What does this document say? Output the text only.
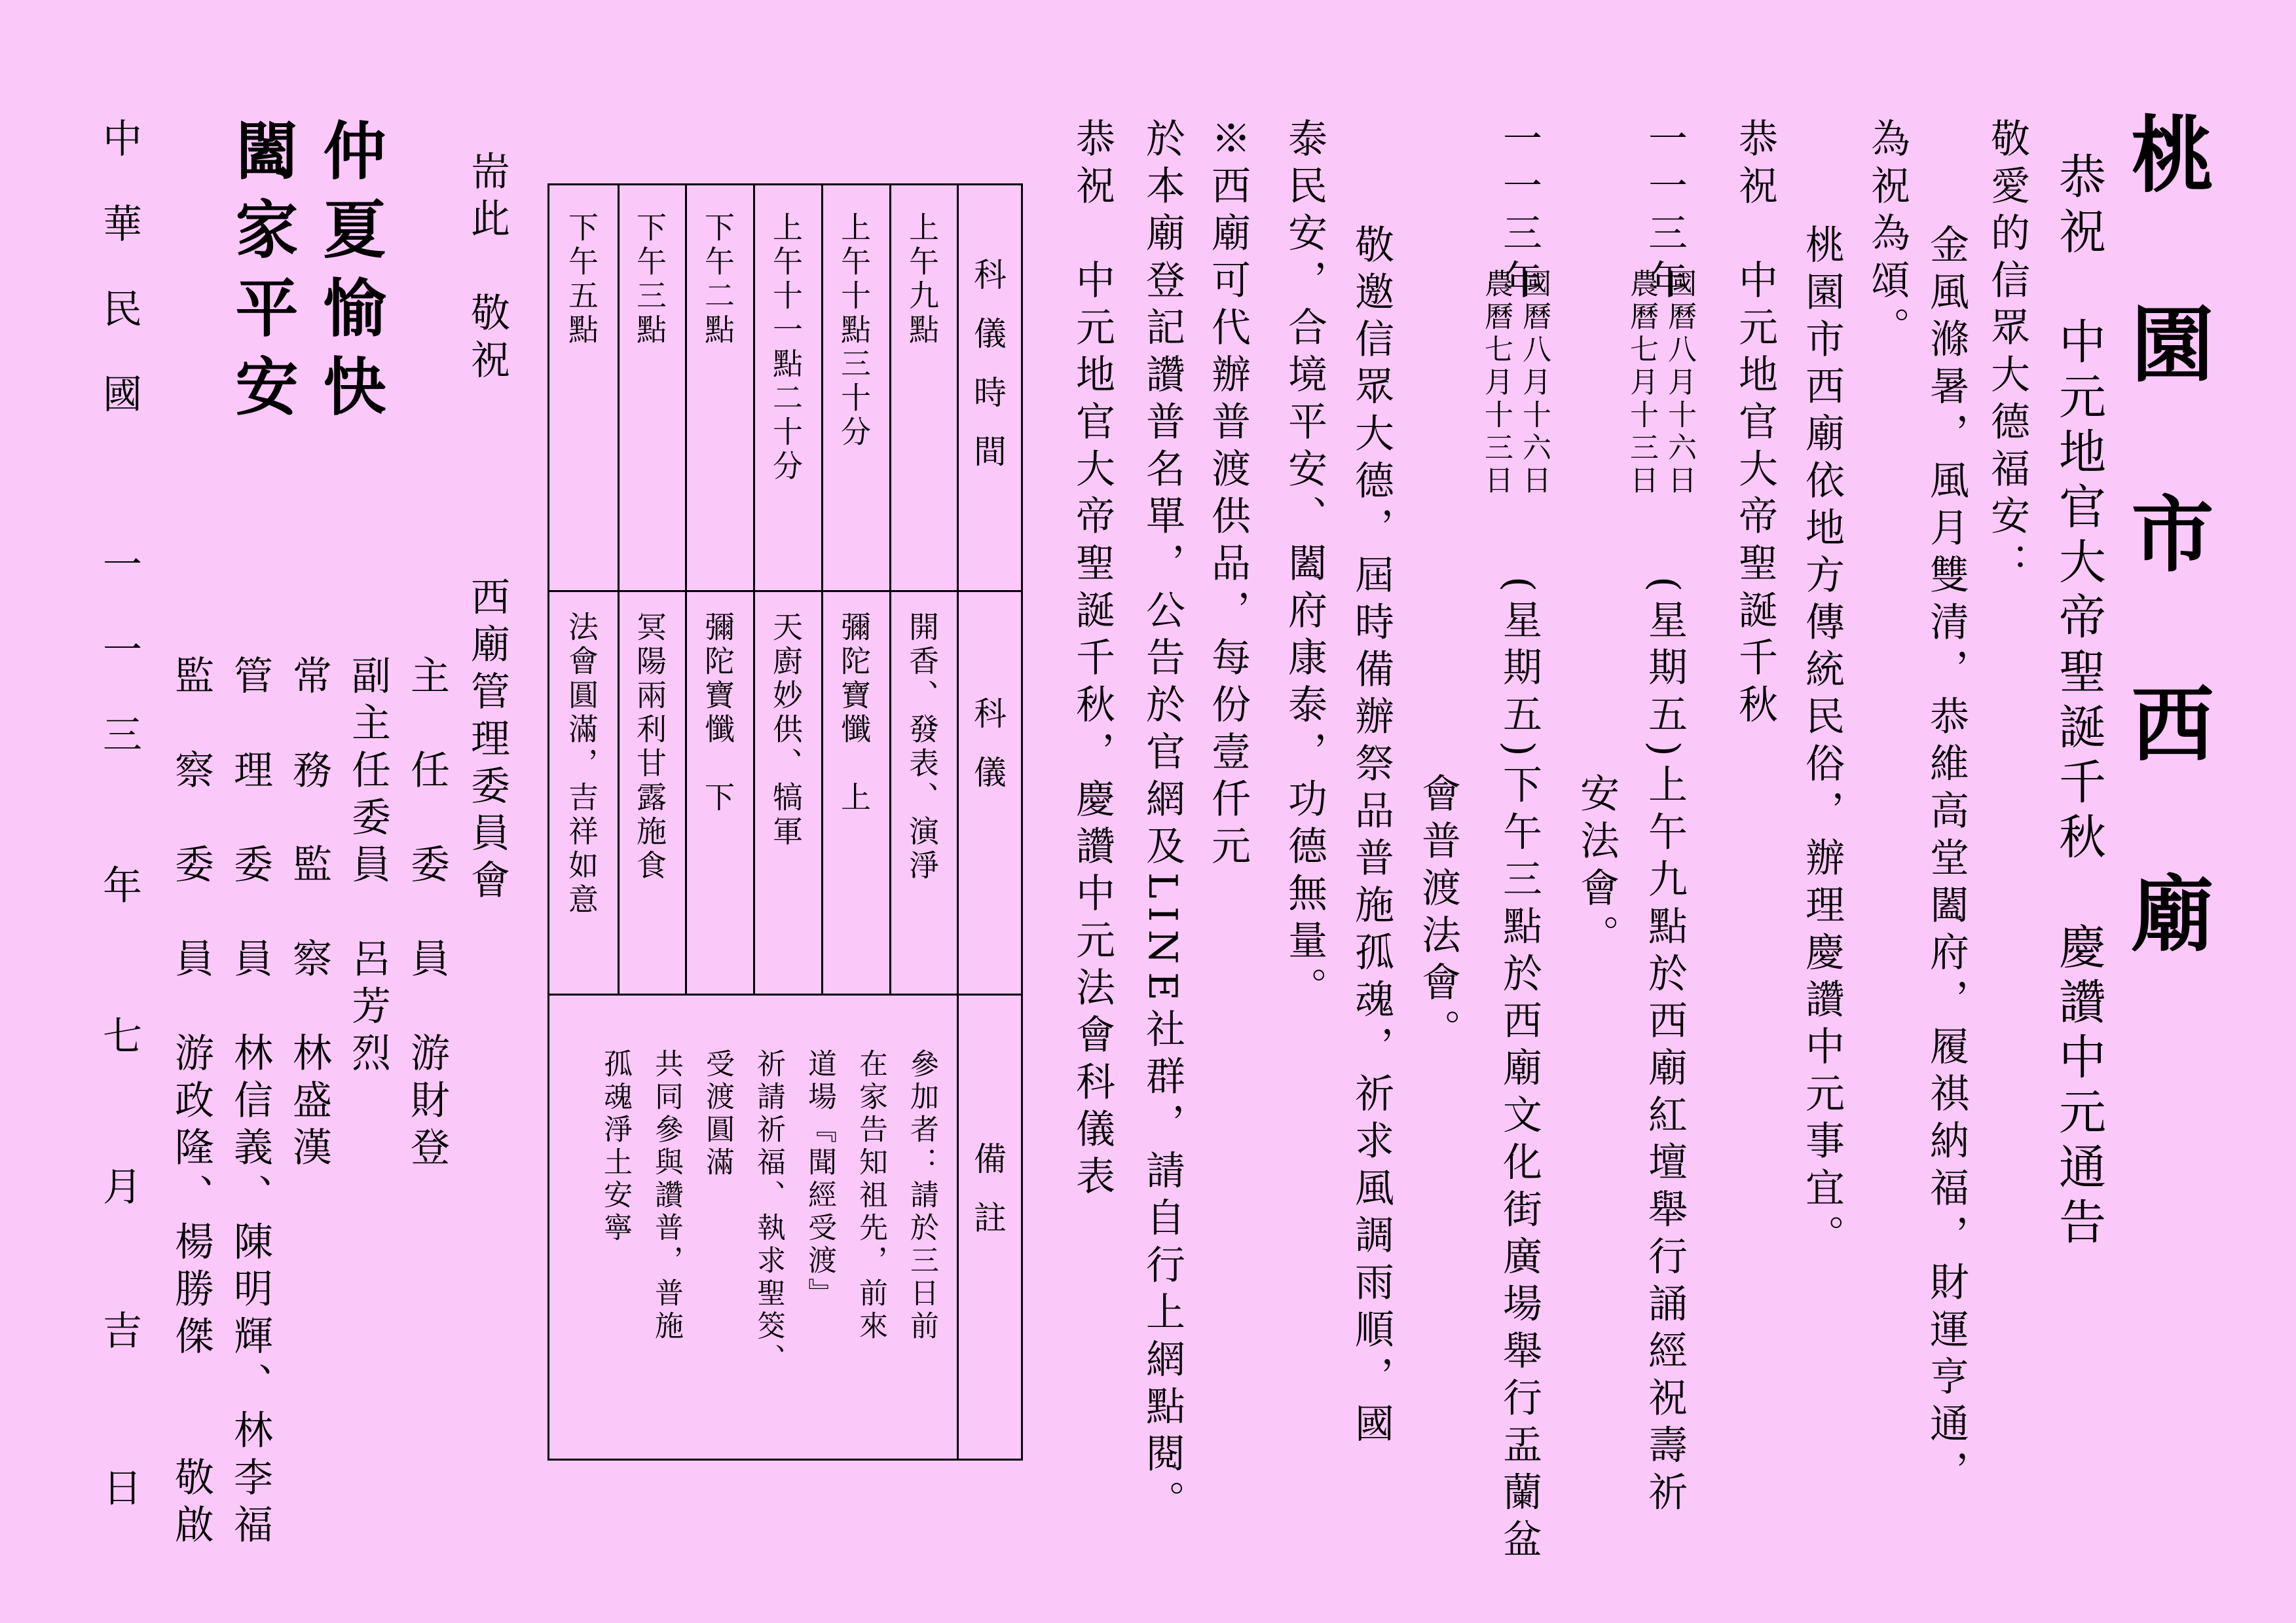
桃 園 市 西 廟
恭祝　中元地官大帝聖誕千秋　慶讚中元通告
敬愛的信眾大德福安：
　金風滌暑，風月雙清，恭維高堂闔府，履祺納福，財運亨通，
為祝為頌。
恭祝　中元地官大帝聖誕千秋 　桃園市西廟依地方傳統民俗，辦理慶讚中元事宜。
一一三年
國曆八月十六日
農曆七月十三日
(星期五)上午九點於西廟紅壇舉行誦經祝壽祈
安法會。
一一三年
國曆八月十六日
農曆七月十三日
(星期五)下午三點於西廟文化街廣場舉行盂蘭盆
會普渡法會。
　敬邀信眾大德，屆時備辦祭品普施孤魂，祈求風調雨順，國
泰民安，合境平安、闔府康泰，功德無量。
※西廟可代辦普渡供品，每份壹仟元
於本廟登記讚普名單，公告於官網及LINE社群，請自行上網點閱。
恭祝　中元地官大帝聖誕千秋，慶讚中元法會科儀表
科儀時間
科儀
備註
上午九點
上午十點三十分
上午十一點二十分
下午二點
下午三點
下午五點
開香、發表、演淨
彌陀寶懺　上
天廚妙供、犒軍
彌陀寶懺　下
冥陽兩利甘露施食
法會圓滿，吉祥如意
參加者：請於三日前
在家告知祖先，前來
道場『聞經受渡』
祈請祈福、執求聖筊、
受渡圓滿
共同參與讚普，普施
孤魂淨土安寧
耑此　敬祝
西廟管理委員會
主　任　委　員　游財登
副主任委員　呂芳烈
常　務　監　察　林盛漢
管　理　委　員　林信義、陳明輝、林李福
監　察　委　員　游政隆、楊勝傑　　敬啟
仲夏愉快
闔家平安
中
華
民
國
一
一
三
年
七
月
吉
日
